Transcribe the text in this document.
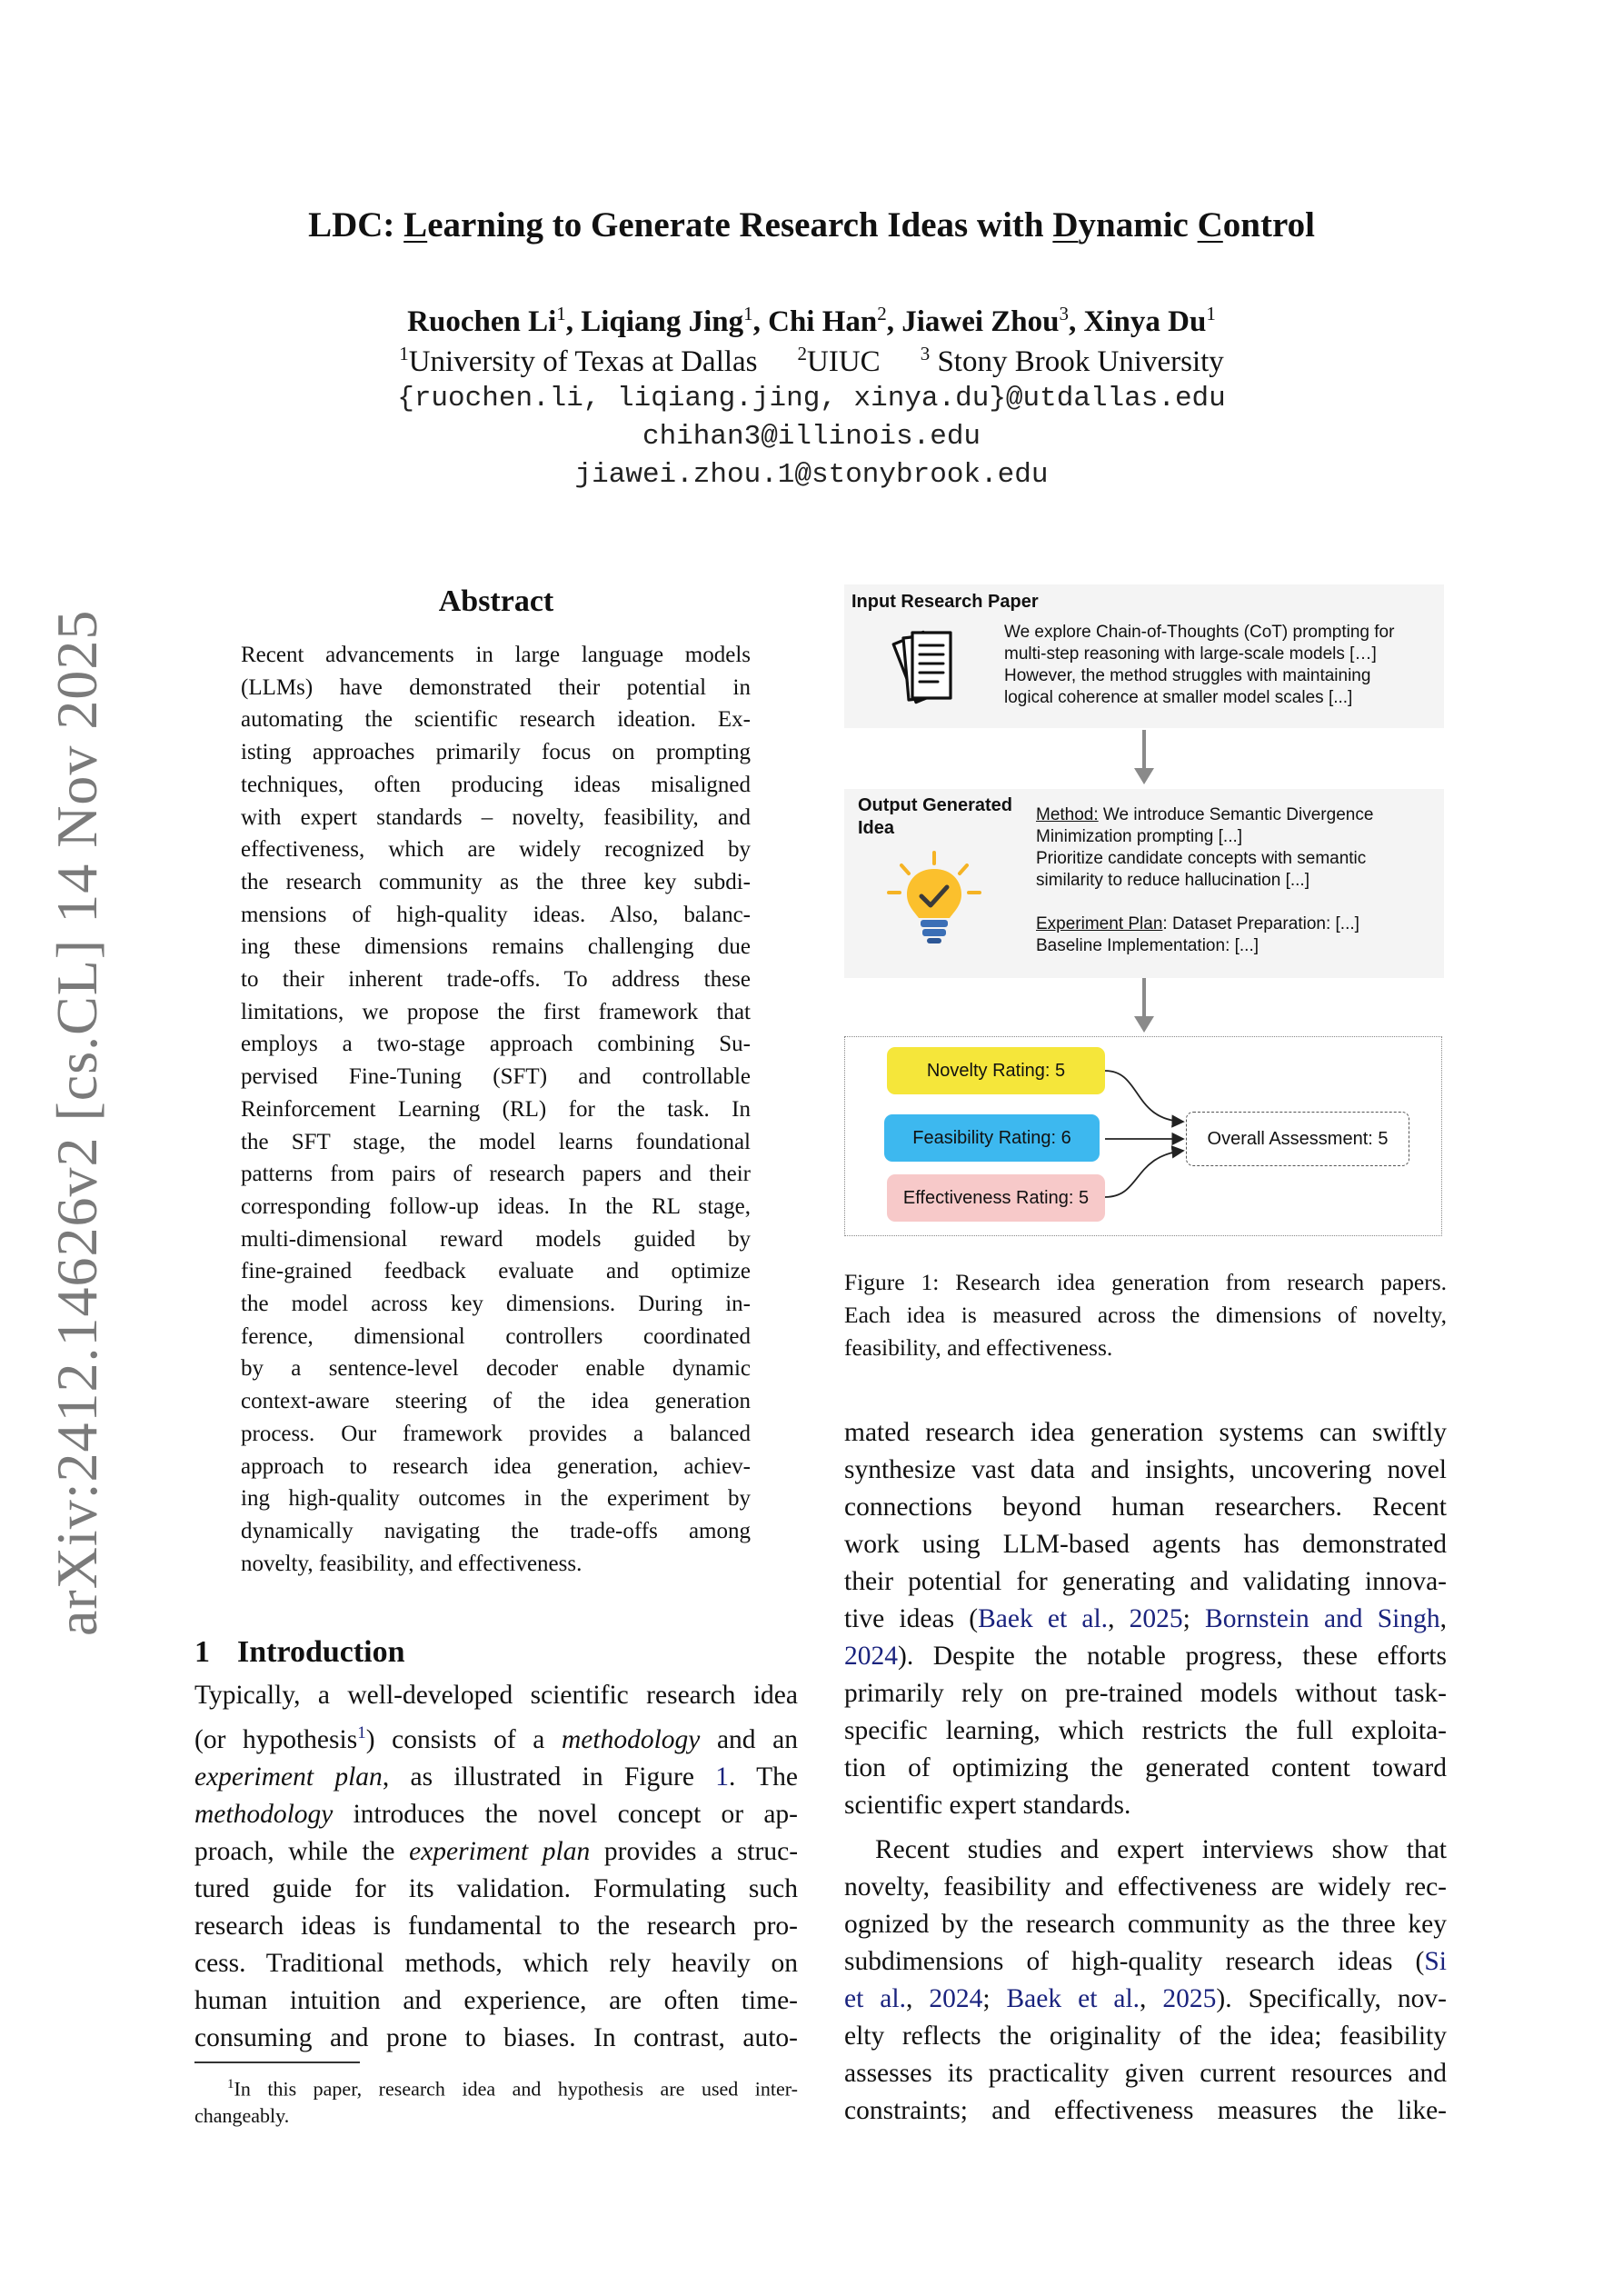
arXiv:2412.14626v2 [cs.CL] 14 Nov 2025
LDC: Learning to Generate Research Ideas with Dynamic Control
Ruochen Li$^1$, Liqiang Jing$^1$, Chi Han$^2$, Jiawei Zhou$^3$, Xinya Du$^1$
$^1$University of Texas at Dallas $^2$UIUC $^3$ Stony Brook University
{ruochen.li, liqiang.jing, xinya.du}@utdallas.edu
chihan3@illinois.edu
jiawei.zhou.1@stonybrook.edu
Abstract

Recent advancements in large language models
(LLMs) have demonstrated their potential in
automating the scientific research ideation. Ex-
isting approaches primarily focus on prompting
techniques, often producing ideas misaligned
with expert standards – novelty, feasibility, and
effectiveness, which are widely recognized by
the research community as the three key subdi-
mensions of high-quality ideas. Also, balanc-
ing these dimensions remains challenging due
to their inherent trade-offs. To address these
limitations, we propose the first framework that
employs a two-stage approach combining Su-
pervised Fine-Tuning (SFT) and controllable
Reinforcement Learning (RL) for the task. In
the SFT stage, the model learns foundational
patterns from pairs of research papers and their
corresponding follow-up ideas. In the RL stage,
multi-dimensional reward models guided by
fine-grained feedback evaluate and optimize
the model across key dimensions. During in-
ference, dimensional controllers coordinated
by a sentence-level decoder enable dynamic
context-aware steering of the idea generation
process. Our framework provides a balanced
approach to research idea generation, achiev-
ing high-quality outcomes in the experiment by
dynamically navigating the trade-offs among
novelty, feasibility, and effectiveness.

1 Introduction

Typically, a well-developed scientific research idea
(or hypothesis$^1$) consists of a methodology and an
experiment plan, as illustrated in Figure 1. The
methodology introduces the novel concept or ap-
proach, while the experiment plan provides a struc-
tured guide for its validation. Formulating such
research ideas is fundamental to the research pro-
cess. Traditional methods, which rely heavily on
human intuition and experience, are often time-
consuming and prone to biases. In contrast, auto-

$^1$In this paper, research idea and hypothesis are used inter-
changeably.
Input Research Paper
We explore Chain-of-Thoughts (CoT) prompting for
multi-step reasoning with large-scale models […]
However, the method struggles with maintaining
logical coherence at smaller model scales [...]
Output Generated
Idea
Method: We introduce Semantic Divergence
Minimization prompting [...]
Prioritize candidate concepts with semantic
similarity to reduce hallucination [...]
Experiment Plan: Dataset Preparation: [...]
Baseline Implementation: [...]
Novelty Rating: 5
Feasibility Rating: 6
Effectiveness Rating: 5
Overall Assessment: 5
Figure 1: Research idea generation from research papers.
Each idea is measured across the dimensions of novelty,
feasibility, and effectiveness.

mated research idea generation systems can swiftly
synthesize vast data and insights, uncovering novel
connections beyond human researchers. Recent
work using LLM-based agents has demonstrated
their potential for generating and validating innova-
tive ideas (Baek et al., 2025; Bornstein and Singh,
2024). Despite the notable progress, these efforts
primarily rely on pre-trained models without task-
specific learning, which restricts the full exploita-
tion of optimizing the generated content toward
scientific expert standards.

Recent studies and expert interviews show that
novelty, feasibility and effectiveness are widely rec-
ognized by the research community as the three key
subdimensions of high-quality research ideas (Si
et al., 2024; Baek et al., 2025). Specifically, nov-
elty reflects the originality of the idea; feasibility
assesses its practicality given current resources and
constraints; and effectiveness measures the like-
